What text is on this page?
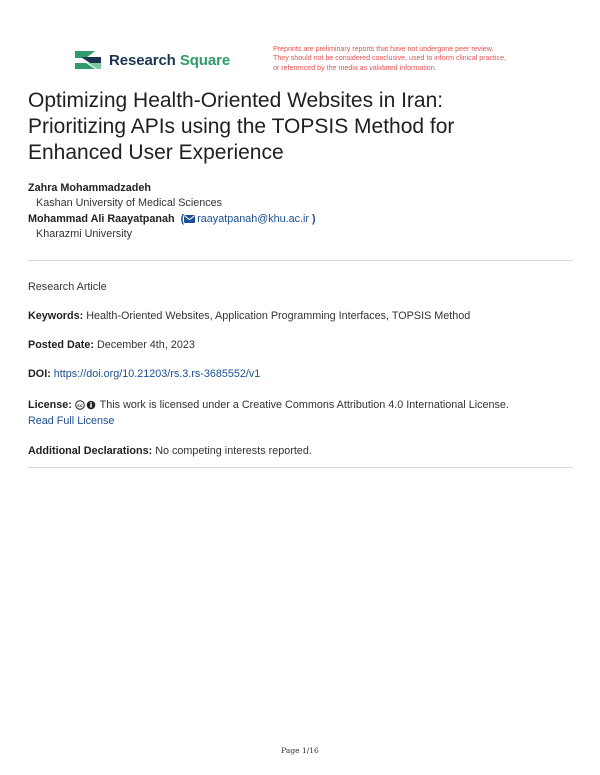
Research Square
Preprints are preliminary reports that have not undergone peer review.
They should not be considered conclusive, used to inform clinical practice,
or referenced by the media as validated information.
Optimizing Health-Oriented Websites in Iran:
Prioritizing APIs using the TOPSIS Method for
Enhanced User Experience
Zahra Mohammadzadeh
Kashan University of Medical Sciences
Mohammad Ali Raayatpanah  ( raayatpanah@khu.ac.ir )
Kharazmi University
Research Article
Keywords: Health-Oriented Websites, Application Programming Interfaces, TOPSIS Method
Posted Date: December 4th, 2023
DOI: https://doi.org/10.21203/rs.3.rs-3685552/v1
License: cc This work is licensed under a Creative Commons Attribution 4.0 International License.
Read Full License
Additional Declarations: No competing interests reported.
Page 1/16
